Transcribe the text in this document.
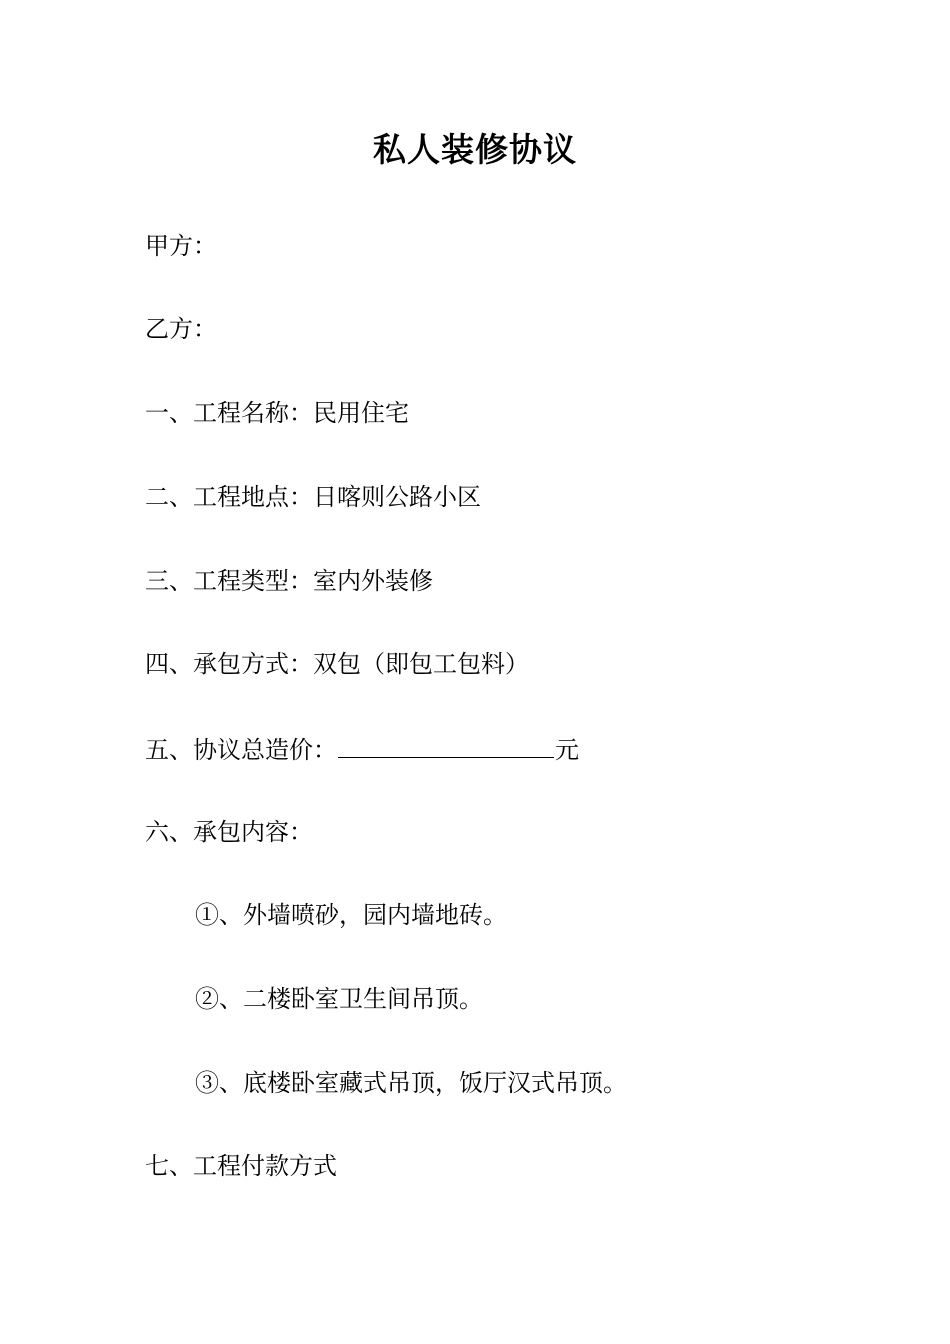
私人装修协议
甲方：
乙方：
一、工程名称：民用住宅
二、工程地点：日喀则公路小区
三、工程类型：室内外装修
四、承包方式：双包（即包工包料）
五、协议总造价：	元
六、承包内容：
①、外墙喷砂，园内墙地砖。
②、二楼卧室卫生间吊顶。
③、底楼卧室藏式吊顶，饭厅汉式吊顶。
七、工程付款方式
